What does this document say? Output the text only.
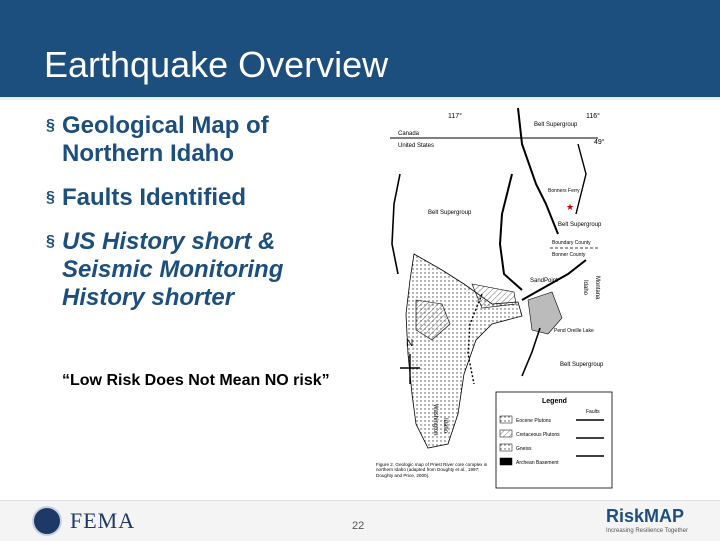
Earthquake Overview
§ Geological Map of Northern Idaho
§ Faults Identified
§ US History short & Seismic Monitoring History shorter
“Low Risk Does Not Mean NO risk”
117°	116°
49°
Canada
United States
Belt Supergroup
Belt Supergroup
Belt Supergroup
Belt Supergroup
Boundary County
Bonner County
Bonners Ferry
★
SandPoint
Pend Oreille Lake
Montana
Idaho
Washington Idaho
N
Legend
Faults
Eocene Plutons
Cretaceous Plutons
Gneiss
Archean Basement
Figure 2. Geologic map of Priest River core complex in northern Idaho (adapted from Doughty et al., 1997; Doughty and Price, 2000).
FEMA	22	RiskMAP
Increasing Resilience Together
